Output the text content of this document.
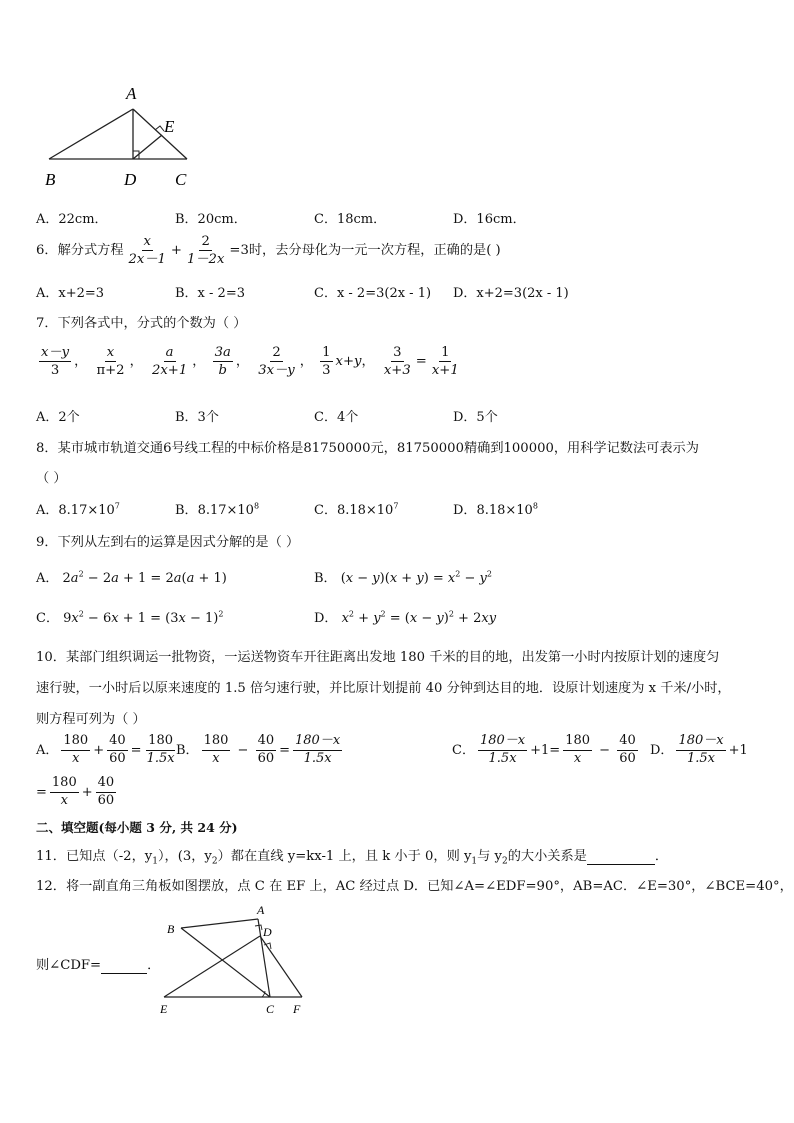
A
E
B	D C
A．22cm．	B．20cm．	C．18cm．	D．16cm．
6．解分式方程 $\frac{x}{2x-1} + \frac{2}{1-2x} =3$时，去分母化为一元一次方程，正确的是( )
A．x+2=3	B．x - 2=3	C．x - 2=3(2x - 1) D．x+2=3(2x - 1)
7．下列各式中，分式的个数为（ ）
$\frac{x-y}{3}$ ， $\frac{x}{\pi+2}$ ， $\frac{a}{2x+1}$ ， $\frac{3a}{b}$ ， $\frac{2}{3x-y}$ ， $\frac{1}{3} x+y$， $\frac{3}{x+3} = \frac{1}{x+1}$
A．2个	B．3个	C．4个	D．5个
8．某市城市轨道交通6号线工程的中标价格是81750000元，81750000精确到100000，用科学记数法可表示为
（ ）
A．$8.17\times 10^7$	B．$8.17\times 10^8$	C．$8.18\times 10^7$	D．$8.18\times 10^8$
9．下列从左到右的运算是因式分解的是（ ）
A． $2a^2 - 2a + 1 = 2a(a + 1)$	B． $(x - y)(x + y) = x^2 - y^2$
C． $9x^2 - 6x + 1 = (3x - 1)^2$	D． $x^2 + y^2 = (x - y)^2 + 2xy$
10．某部门组织调运一批物资，一运送物资车开往距离出发地 180 千米的目的地，出发第一小时内按原计划的速度匀
速行驶，一小时后以原来速度的 1.5 倍匀速行驶，并比原计划提前 40 分钟到达目的地．设原计划速度为 x 千米/小时，
则方程可列为（ ）
A． $\frac{180}{x} + \frac{40}{60} = \frac{180}{1.5x}$ B． $\frac{180}{x} - \frac{40}{60} = \frac{180-x}{1.5x}$	C． $\frac{180-x}{1.5x} +1= \frac{180}{x} - \frac{40}{60}$ D． $\frac{180-x}{1.5x} +1$
= $\frac{180}{x} + \frac{40}{60}$
二、填空题(每小题 3 分, 共 24 分)
11．已知点（-2，$y_1$），(3，$y_2$）都在直线 y=kx-1 上，且 k 小于 0，则 $y_1$与 $y_2$的大小关系是	．
12．将一副直角三角板如图摆放，点 C 在 EF 上，AC 经过点 D．已知∠A=∠EDF=90°，AB=AC．∠E=30°，∠BCE=40°，
则∠CDF=	．
A
B	D
E	C F
